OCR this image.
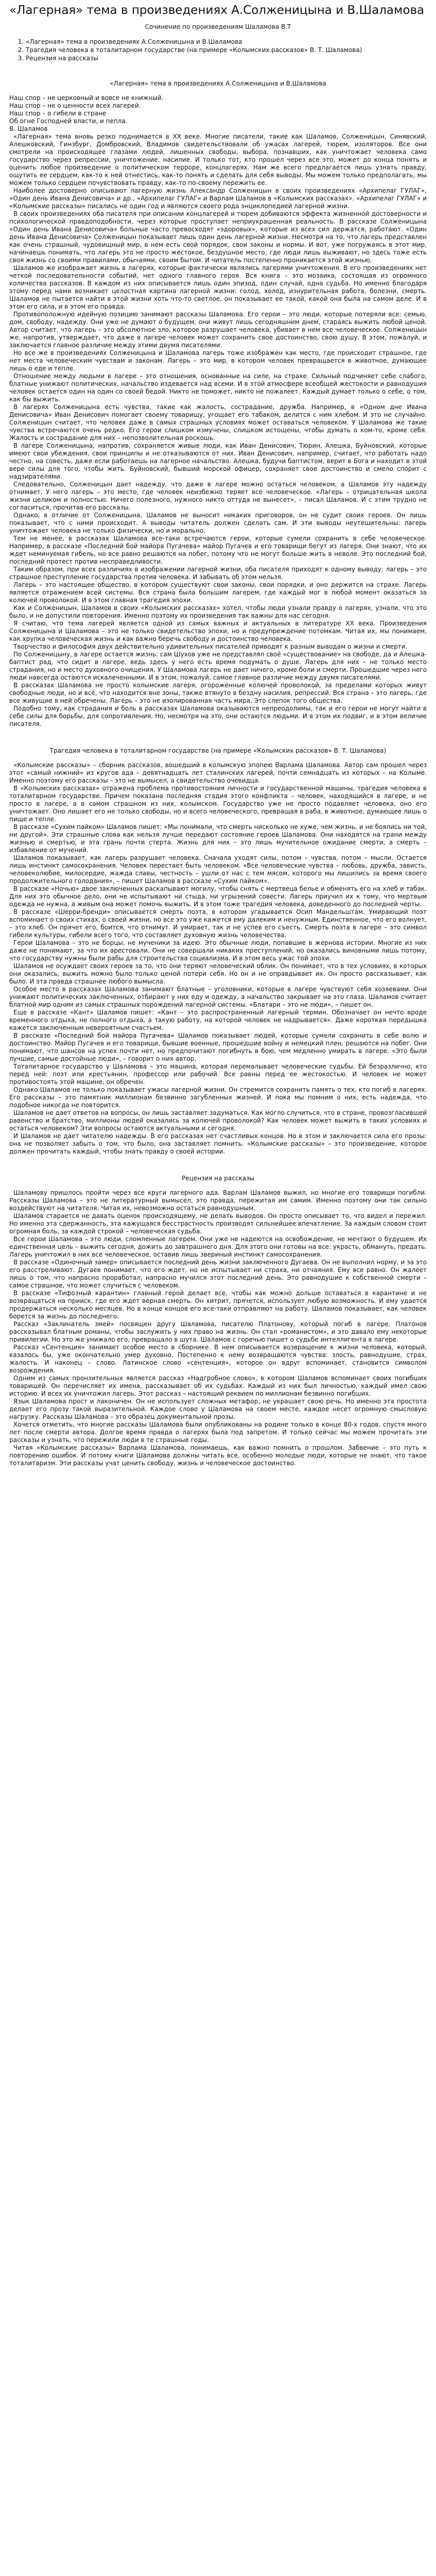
«Лагерная» тема в произведениях А.Солженицына и В.Шаламова
Сочинение по произведениям Шаламова В.Т
1. «Лагерная» тема в произведениях А.Солженицына и В.Шаламова
2. Трагедия человека в тоталитарном государстве (на примере «Колымских рассказов» В. Т. Шаламова)
3. Рецензия на рассказы
«Лагерная» тема в произведениях А.Солженицына и В.Шаламова

Наш спор – не церковный и вовсе не книжный.

Наш спор – не о ценности всех лагерей.

Наш спор – о гибели в стране

Об огне Господней власти, и пепла.

В. Шаламов

«Лагерная» тема вновь резко поднимается в XX веке. Многие писатели, такие как Шаламов, Солженицын, Синявский, Алешковский, Гинзбург, Домбровский, Владимов свидетельствовали об ужасах лагерей, тюрем, изоляторов. Все они смотрели на происходящее глазами людей, лишенных свободы, выбора, познавших, как уничтожает человека само государство через репрессии, уничтожение, насилие. И только тот, кто прошел через все это, может до конца понять и оценить любое произведение о политическом терроре, концлагерях. Нам же всего предлагается лишь узнать правду, ощутить ее сердцем, как-то к ней отнестись, как-то понять и сделать для себя выводы. Мы можем только предполагать, мы можем только сердцем почувствовать правду, как-то по-своему пережить ее.

Наиболее достоверно описывают лагерную жизнь Александр Солженицын в своих произведениях «Архипелаг ГУЛАГ», «Один день Ивана Денисовича» и др., «Архипелаг ГУЛАГ» и Варлам Шаламов в «Колымских рассказах». «Архипелаг ГУЛАГ» и «Колымские рассказы» писались не один год и являются своего рода энциклопедией лагерной жизни.

В своих произведениях оба писателя при описании концлагерей и тюрем добиваются эффекта жизненной достоверности и психологической правдоподобности, через которые проступает неприукрашенная реальность. В рассказе Солженицына «Один день Ивана Денисовича» больные часто превосходят «эдоровых», которые из всех сил держатся, работают. «Один день Ивана Денисовича» Солженицын показывает лишь один день лагерной жизни. Несмотря на то, что лагерь представлен как очень страшный, чудовищный мир, в нем есть свой порядок, свои законы и нормы. И вот, уже погружаясь в этот мир, начинаешь понимать, что лагерь это не просто жестокое, бездушное место, где люди лишь выживают, но здесь тоже есть своя жизнь со своими правилами, обычаями, своим бытом. И читатель постепенно проникается этой жизнью.

Шаламов же изображает жизнь в лагерях, которые фактически являлись лагерями уничтожения. В его произведениях нет четкой последовательности событий, нет одного главного героя. Вся книга – это мозаика, состоящая из огромного количества рассказов. В каждом из них описывается лишь один эпизод, один случай, одна судьба. Но именно благодаря этому перед нами возникает целостная картина лагерной жизни: голод, холод, изнурительная работа, болезни, смерть. Шаламов не пытается найти в этой жизни хоть что-то светлое, он показывает ее такой, какой она была на самом деле. И в этом его сила, и в этом его правда.

Противоположную идейную позицию занимают рассказы Шаламова. Его герои – это люди, которые потеряли все: семью, дом, свободу, надежду. Они уже не думают о будущем, они живут лишь сегодняшним днем, стараясь выжить любой ценой. Автор считает, что лагерь – это абсолютное зло, которое разрушает человека, убивает в нем все человеческое. Солженицын же, напротив, утверждает, что даже в лагере человек может сохранить свое достоинство, свою душу. В этом, пожалуй, и заключается главное различие между этими двумя писателями.

Но все же в произведениях Солженицына и Шаламова лагерь тоже изображен как место, где происходит страшное, где нет места человеческим чувствам и законам. Лагерь – это мир, в котором человек превращается в животное, думающее лишь о еде и тепле.

Отношение между людьми в лагере – это отношения, основанные на силе, на страхе. Сильный подчиняет себе слабого, блатные унижают политических, начальство издевается над всеми. И в этой атмосфере всеобщей жестокости и равнодушия человек остается один на один со своей бедой. Никто не поможет, никто не пожалеет. Каждый думает только о себе, о том, как бы выжить.

В лагерях Солженицына есть чувства, такие как жалость, сострадание, дружба. Например, в «Одном дне Ивана Денисовича» Иван Денисович помогает своему товарищу, угощает его табаком, делится с ним хлебом. И это не случайно. Солженицын считает, что человек даже в самых страшных условиях может оставаться человеком. У Шаламова же такие чувства встречаются очень редко. Его герои слишком измучены, слишком истощены, чтобы думать о ком-то, кроме себя. Жалость и сострадание для них – непозволительная роскошь.

В лагере Солженицына, напротив, сохраняется живые люди, как Иван Денисович, Тюрин, Алешка, Буйновский, которые имеют свои убеждения, свои принципы и не отказываются от них. Иван Денисович, например, считает, что работать надо честно, на совесть, даже если работаешь на лагерное начальство. Алешка, будучи баптистом, верит в Бога и находит в этой вере силы для того, чтобы жить. Буйновский, бывший морской офицер, сохраняет свое достоинство и смело спорит с надзирателями.

Следовательно, Солженицын дает надежду, что даже в лагере можно остаться человеком, а Шаламов эту надежду отнимает. У него лагерь – это место, где человек неизбежно теряет все человеческое. «Лагерь – отрицательная школа жизни целиком и полностью. Ничего полезного, нужного никто оттуда не вынесет», – писал Шаламов. И с этим трудно не согласиться, прочитав его рассказы.

Однако, в отличие от Солженицына, Шаламов не выносит никаких приговоров, он не судит своих героев. Он лишь показывает, что с ними происходит. А выводы читатель должен сделать сам. И эти выводы неутешительны: лагерь уничтожает человека не только физически, но и морально.

Тем не менее, в рассказах Шаламова все-таки встречаются герои, которые сумели сохранить в себе человеческое. Например, в рассказе «Последний бой майора Пугачева» майор Пугачев и его товарищи бегут из лагеря. Они знают, что их ждет неминуемая гибель, но все равно решаются на побег, потому что не могут больше жить в неволе. Это последний бой, последний протест против несправедливости.

Таким образом, при всех различиях в изображении лагерной жизни, оба писателя приходят к одному выводу: лагерь – это страшное преступление государства против человека. И забывать об этом нельзя.

Лагерь – это настоящее общество, в котором существуют свои законы, свои порядки, и оно держится на страхе. Лагерь является отражением всей системы. Вся страна была большим лагерем, где каждый мог в любой момент оказаться за колючей проволокой. И в этом главная трагедия эпохи.

Как и Солженицын, Шаламов в своих «Колымских рассказах» хотел, чтобы люди узнали правду о лагерях, узнали, что это было, и не допустили повторения. Именно поэтому их произведения так важны для нас сегодня.

Я считаю, что тема лагерей является одной из самых важных и актуальных в литературе XX века. Произведения Солженицына и Шаламова – это не только свидетельство эпохи, но и предупреждение потомкам. Читая их, мы понимаем, как хрупка человеческая жизнь и как важно беречь свободу и достоинство человека.

Творчество и философия двух действительно удивительных писателей приводят к разным выводам о жизни и смерти.

По Солженицыну, в лагере остается жизнь: сам Шухов уже не представлял своё «существование» на свободе, да и Алешка-баптист рад, что сидит в лагере, ведь здесь у него есть время подумать о душе. Лагерь для них – не только место страдания, но и место духовного очищения. У Шаламова лагерь не дает ничего, кроме боли и смерти. Прошедшие через него люди навсегда остаются искалеченными. И в этом, пожалуй, самое главное различие между двумя писателями.

В рассказах Шаламова не просто колымские лагеря, огороженные колючей проволокой, за пределами которых живут свободные люди, но и всё, что находится вне зоны, также втянуто в бездну насилия, репрессий. Вся страна – это лагерь, где все живущие в ней обречены. Лагерь – это не изолированная часть мира. Это слепок того общества.

Подобно тому, как страдания и боль в рассказах Шаламова оказываются непреодолимы, так и его герои не могут найти в себе силы для борьбы, для сопротивления. Но, несмотря на это, они остаются людьми. И в этом их подвиг, и в этом величие писателя.

Трагедия человека в тоталитарном государстве (на примере «Колымских рассказов» В. Т. Шаламова)

«Колымские рассказы» – сборник рассказов, вошедший в колымскую эпопею Варлама Шаламова. Автор сам прошел через этот «самый нижний» из кругов ада – девятнадцать лет сталинских лагерей, почти семнадцать из которых – на Колыме. Именно поэтому его рассказы – это не вымысел, а свидетельство очевидца.

В «Колымских рассказах» отражена проблема противостояния личности и государственной машины, трагедия человека в тоталитарном государстве. Причем показана последняя стадия этого конфликта – человек, находящийся в лагере, и не просто в лагере, а в самом страшном из них, колымском. Государство уже не просто подавляет человека, оно его уничтожает. Оно лишает его не только свободы, но и всего человеческого, превращая в раба, в животное, думающее лишь о пище и тепле.

В рассказе «Сухим пайком» Шаламов пишет: «Мы понимали, что смерть нисколько не хуже, чем жизнь, и не боялись ни той, ни другой». Эти страшные слова как нельзя лучше передают состояние героев Шаламова. Они находятся на грани между жизнью и смертью, и эта грань почти стерта. Жизнь для них – это лишь мучительное ожидание смерти, а смерть – избавление от мучений.

Шаламов показывает, как лагерь разрушает человека. Сначала уходят силы, потом – чувства, потом – мысли. Остается лишь инстинкт самосохранения. Человек перестает быть человеком. «Все человеческие чувства – любовь, дружба, зависть, человеколюбие, милосердие, жажда славы, честность – ушли от нас с тем мясом, которого мы лишились за время своего продолжительного голодания», – пишет Шаламов в рассказе «Сухим пайком».

В рассказе «Ночью» двое заключенных раскапывают могилу, чтобы снять с мертвеца белье и обменять его на хлеб и табак. Для них это обычное дело, они не испытывают ни стыда, ни угрызений совести. Лагерь приучил их к тому, что мертвым одежда не нужна, а живым она может помочь выжить. И в этом тоже трагедия человека, доведенного до последней черты.

В рассказе «Шерри-бренди» описывается смерть поэта, в котором угадывается Осип Мандельштам. Умирающий поэт вспоминает о своих стихах, о своей жизни, но все это уже кажется ему далеким и ненужным. Единственное, что его волнует, – это хлеб. Он прячет его, боится, что отнимут. И умирает, так и не успев его съесть. Смерть поэта в лагере – это символ гибели культуры, гибели всего того, что составляет духовную жизнь человечества.

Герои Шаламова – это не борцы, не мученики за идею. Это обычные люди, попавшие в жернова истории. Многие из них даже не понимают, за что их арестовали. Они не совершали никаких преступлений, но оказались виновными лишь потому, что государству нужны были рабы для строительства социализма. И в этом весь ужас той эпохи.

Шаламов не осуждает своих героев за то, что они теряют человеческий облик. Он понимает, что в тех условиях, в которых они оказались, выжить можно было только ценой потери себя. Но он и не оправдывает их. Он просто рассказывает, как было. И эта правда страшнее любого вымысла.

Особое место в рассказах Шаламова занимают блатные – уголовники, которые в лагере чувствуют себя хозяевами. Они унижают политических заключенных, отбирают у них еду и одежду, а начальство закрывает на это глаза. Шаламов считает блатной мир одним из самых страшных порождений лагерной системы. «Блатари – это не люди», – пишет он.

Еще в рассказе «Кант» Шаламов пишет: «Кант – это распространенный лагерный термин. Обозначает он нечто вроде временного отдыха, не полного отдыха, а такую работу, на которой человек не надрывается». Даже короткая передышка кажется заключенным невероятным счастьем.

В рассказе «Последний бой майора Пугачева» Шаламов показывает людей, которые сумели сохранить в себе волю и достоинство. Майор Пугачев и его товарищи, бывшие военные, прошедшие войну и немецкий плен, решаются на побег. Они понимают, что шансов на успех почти нет, но предпочитают погибнуть в бою, чем медленно умирать в лагере. «Это были лучшие, самые достойные люди», – говорит о них автор.

Тоталитарное государство у Шаламова – это машина, которая перемалывает человеческие судьбы. Ей безразлично, кто перед ней: поэт или крестьянин, профессор или рабочий. Все равны перед ее жестокостью. И человек не может противостоять этой машине, он обречен.

Однако Шаламов не только показывает ужасы лагерной жизни. Он стремится сохранить память о тех, кто погиб в лагерях. Его рассказы – это памятник миллионам безвинно загубленных жизней. И пока мы помним о них, есть надежда, что подобное никогда не повторится.

Шаламов не дает ответов на вопросы, он лишь заставляет задуматься. Как могло случиться, что в стране, провозгласившей равенство и братство, миллионы людей оказались за колючей проволокой? Как человек может выжить в таких условиях и остаться человеком? Эти вопросы остаются актуальными и сегодня.

И Шаламов не дает читателю надежды. В его рассказах нет счастливых концов. Но в этом и заключается сила его прозы: она не позволяет забыть о том, что было, она заставляет помнить. «Колымские рассказы» – это произведение, которое должен прочитать каждый, чтобы знать правду о своей истории.

Рецензия на рассказы

Шаламову пришлось пройти через все круги лагерного ада. Варлам Шаламов выжил, но многие его товарищи погибли. Рассказы Шаламова – это не литературный вымысел, это правда, пережитая им самим. Именно поэтому они так сильно воздействуют на читателя. Читая их, невозможно остаться равнодушным.

Шаламов старается не давать оценок происходящему, не делать выводов. Он просто описывает то, что видел и пережил. Но именно эта сдержанность, эта кажущаяся бесстрастность производят сильнейшее впечатление. За каждым словом стоит огромная боль, за каждой строкой – человеческая судьба.

Все герои Шаламова – это люди, сломленные лагерем. Они уже не надеются на освобождение, не мечтают о будущем. Их единственная цель – выжить сегодня, дожить до завтрашнего дня. Для этого они готовы на все: украсть, обмануть, предать. Лагерь уничтожил в них все человеческое, оставив лишь звериный инстинкт самосохранения.

В рассказе «Одиночный замер» описывается последний день жизни заключенного Дугаева. Он не выполнил норму, и за это его расстреливают. Дугаев понимает, что его ждет, но не испытывает ни страха, ни отчаяния. Ему все равно. Он жалеет лишь о том, что напрасно проработал, напрасно мучился этот последний день. Это равнодушие к собственной смерти – самое страшное, что может случиться с человеком.

В рассказе «Тифозный карантин» главный герой делает все, чтобы как можно дольше оставаться в карантине и не возвращаться на прииск, где его ждет верная смерть. Он хитрит, прячется, использует любую возможность. И ему удается продержаться несколько месяцев. Но в конце концов его все-таки отправляют на работу. Шаламов показывает, как человек борется за жизнь до последнего.

Рассказ «Заклинатель змей» посвящен другу Шаламова, писателю Платонову, который погиб в лагере. Платонов рассказывал блатным романы, чтобы заслужить у них право на жизнь. Он стал «романистом», и это давало ему некоторые привилегии. Но это же унижало его, превращало в шута. Шаламов с горечью пишет о судьбе интеллигента в лагере.

Рассказ «Сентенция» занимает особое место в сборнике. В нем описывается возвращение к жизни человека, который, казалось бы, уже окончательно умер духовно. Постепенно к нему возвращаются чувства: злость, равнодушие, страх, жалость. И наконец – слово. Латинское слово «сентенция», которое он вдруг вспоминает, становится символом возрождения.

Одним из самых пронзительных является рассказ «Надгробное слово», в котором Шаламов вспоминает своих погибших товарищей. Он перечисляет их имена, рассказывает об их судьбах. Каждый из них был личностью, каждый имел свою историю. И всех их уничтожил лагерь. Этот рассказ – настоящий реквием по миллионам безвинно погибших.

Язык Шаламова прост и лаконичен. Он не использует сложных метафор, не украшает свою речь. Но именно эта простота делает его прозу такой выразительной. Каждое слово у Шаламова на своем месте, каждое несет огромную смысловую нагрузку. Рассказы Шаламова – это образец документальной прозы.

Хочется отметить, что многие рассказы Шаламова были опубликованы на родине только в конце 80-х годов, спустя много лет после смерти автора. Долгое время правда о лагерях была под запретом. И только сейчас мы можем прочитать эти рассказы и узнать, что пережили люди в те страшные годы.

Читая «Колымские рассказы» Варлама Шаламова, понимаешь, как важно помнить о прошлом. Забвение – это путь к повторению ошибок. И потому книги Шаламова должны читать все, особенно молодые люди, которые не знают, что такое тоталитаризм. Эти рассказы учат ценить свободу, жизнь и человеческое достоинство.
